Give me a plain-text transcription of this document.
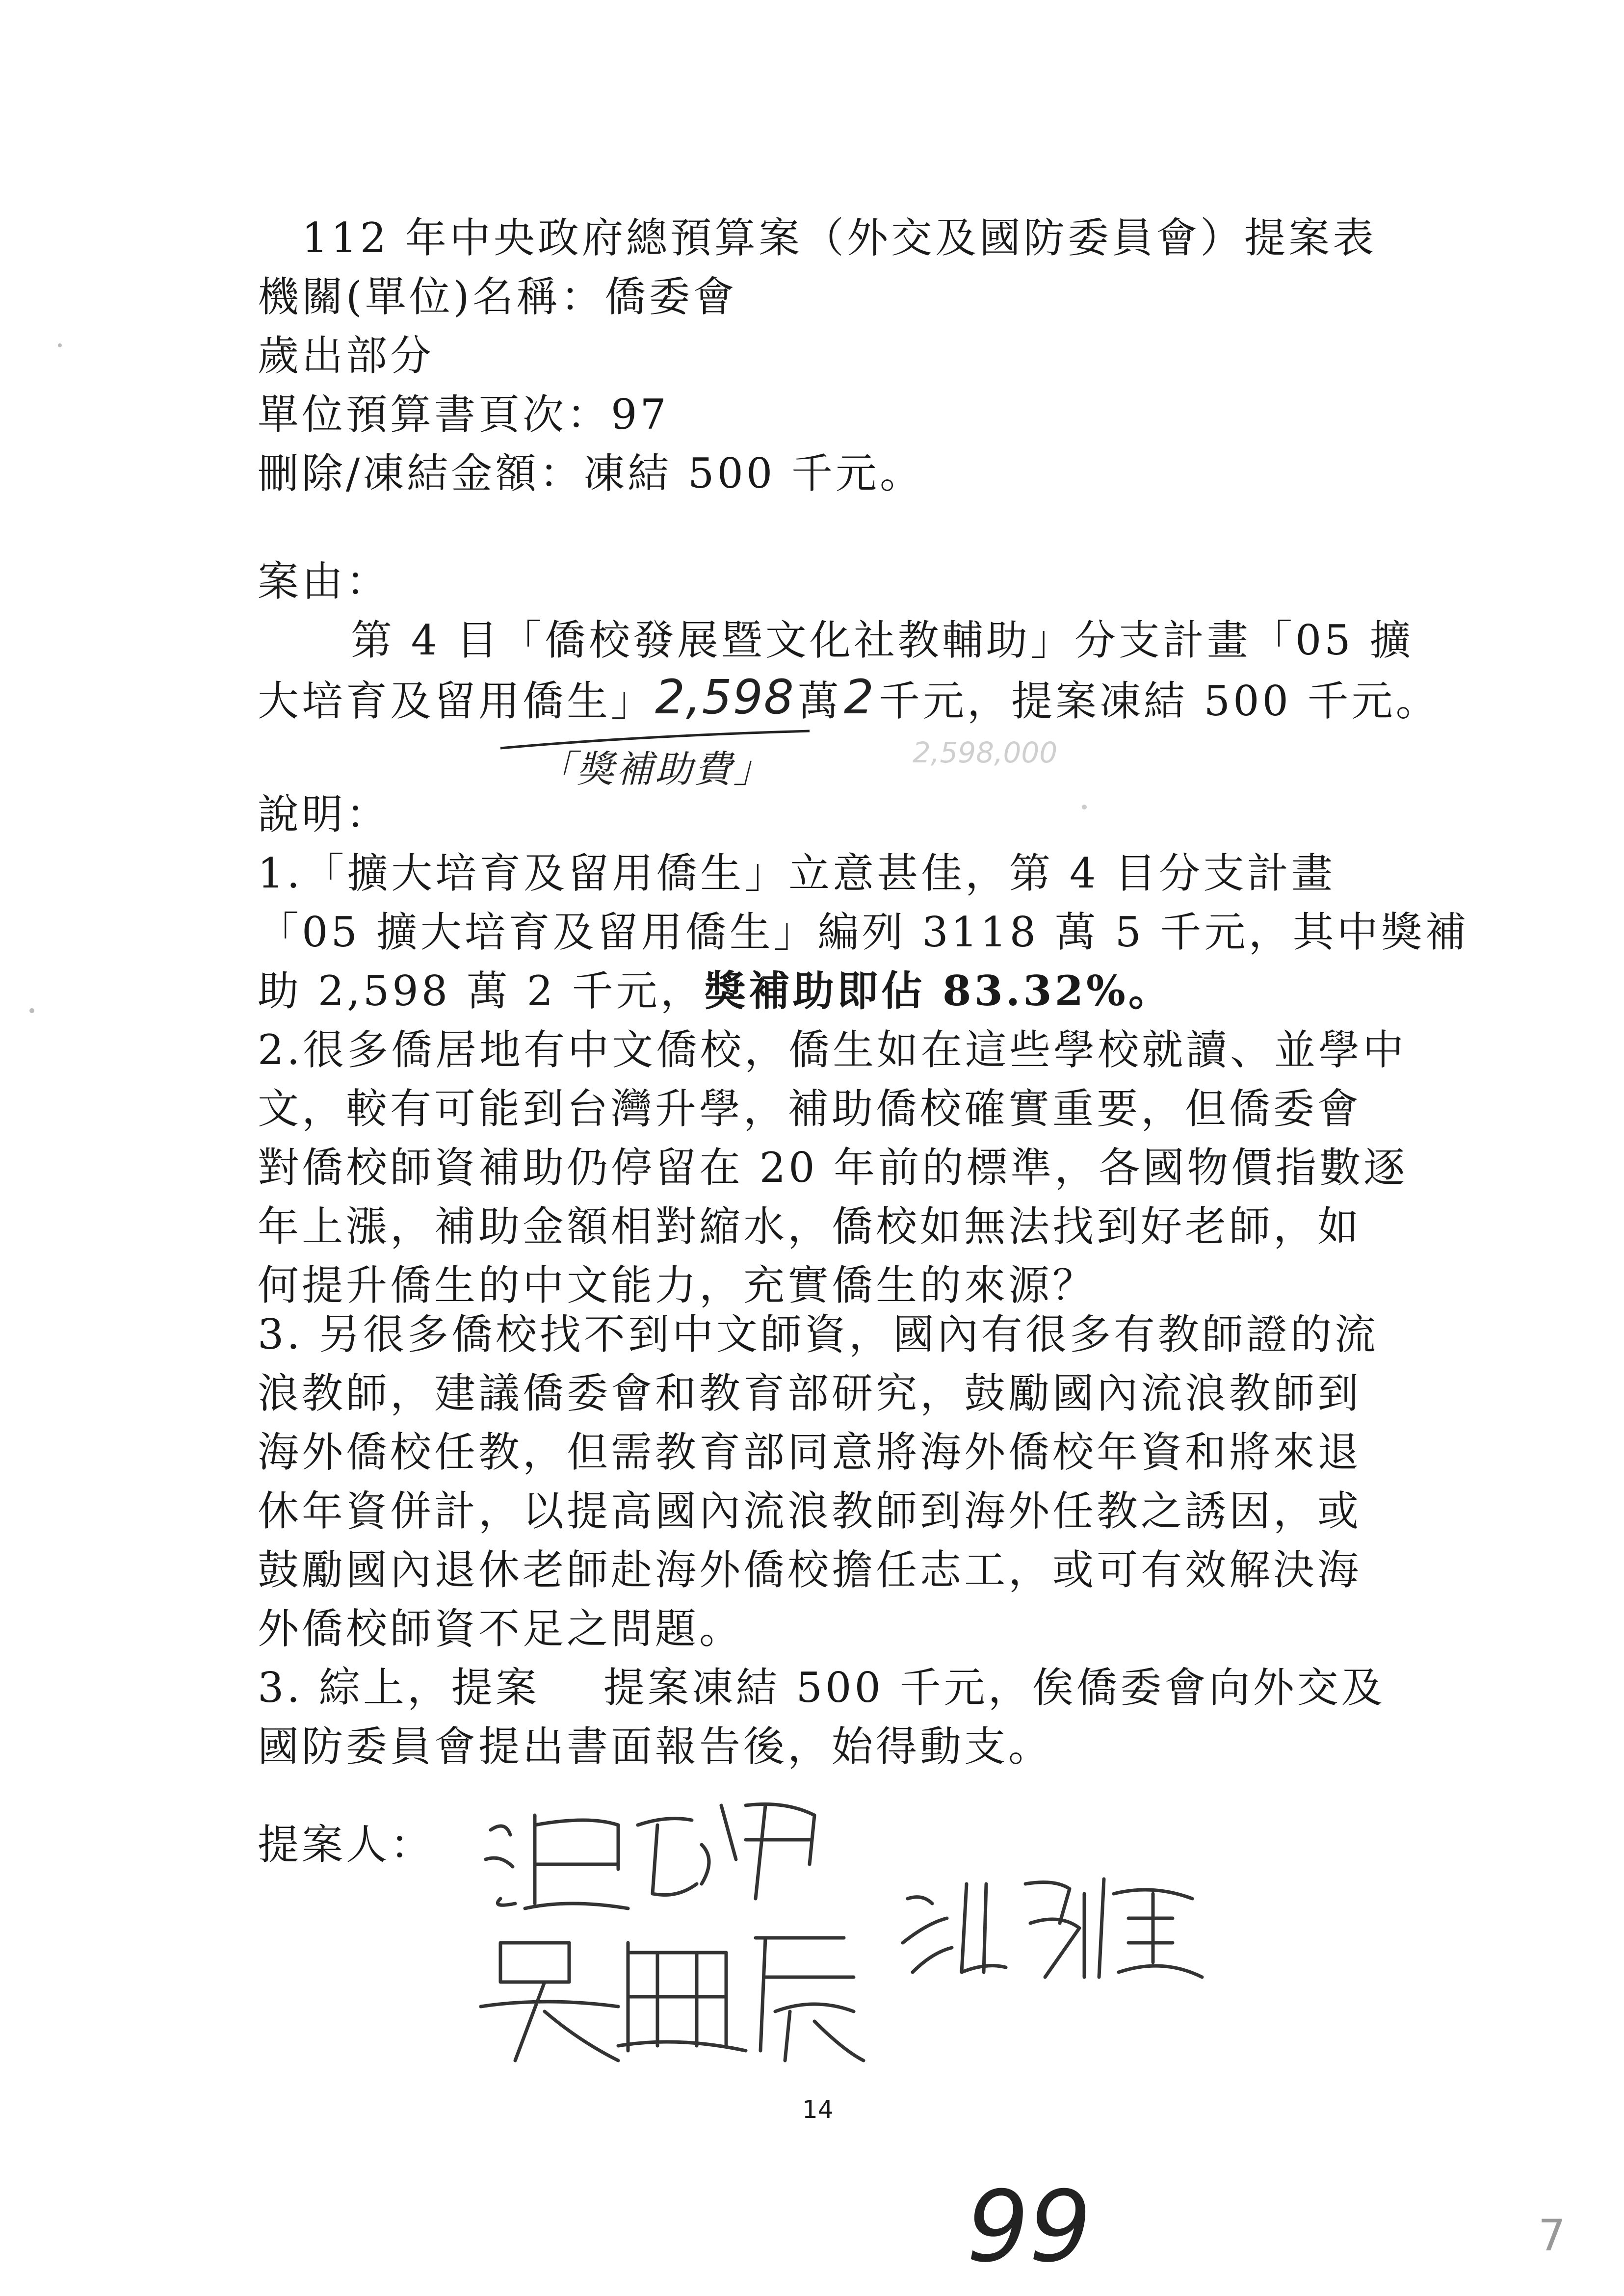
112 年中央政府總預算案（外交及國防委員會）提案表
機關(單位)名稱：僑委會
歲出部分
單位預算書頁次：97
刪除/凍結金額：凍結 500 千元。
案由：
第 4 目「僑校發展暨文化社教輔助」分支計畫「05 擴
大培育及留用僑生」2,598萬2千元，提案凍結 500 千元。
「獎補助費」	2,598,000
說明：
1.「擴大培育及留用僑生」立意甚佳，第 4 目分支計畫
「05 擴大培育及留用僑生」編列 3118 萬 5 千元，其中獎補
助 2,598 萬 2 千元，獎補助即佔 83.32%。
2.很多僑居地有中文僑校，僑生如在這些學校就讀、並學中
文，較有可能到台灣升學，補助僑校確實重要，但僑委會
對僑校師資補助仍停留在 20 年前的標準，各國物價指數逐
年上漲，補助金額相對縮水，僑校如無法找到好老師，如
何提升僑生的中文能力，充實僑生的來源？
3. 另很多僑校找不到中文師資，國內有很多有教師證的流
浪教師，建議僑委會和教育部研究，鼓勵國內流浪教師到
海外僑校任教，但需教育部同意將海外僑校年資和將來退
休年資併計，以提高國內流浪教師到海外任教之誘因，或
鼓勵國內退休老師赴海外僑校擔任志工，或可有效解決海
外僑校師資不足之問題。
3. 綜上，提案 提案凍結 500 千元，俟僑委會向外交及
國防委員會提出書面報告後，始得動支。
提案人：
14
99	7
